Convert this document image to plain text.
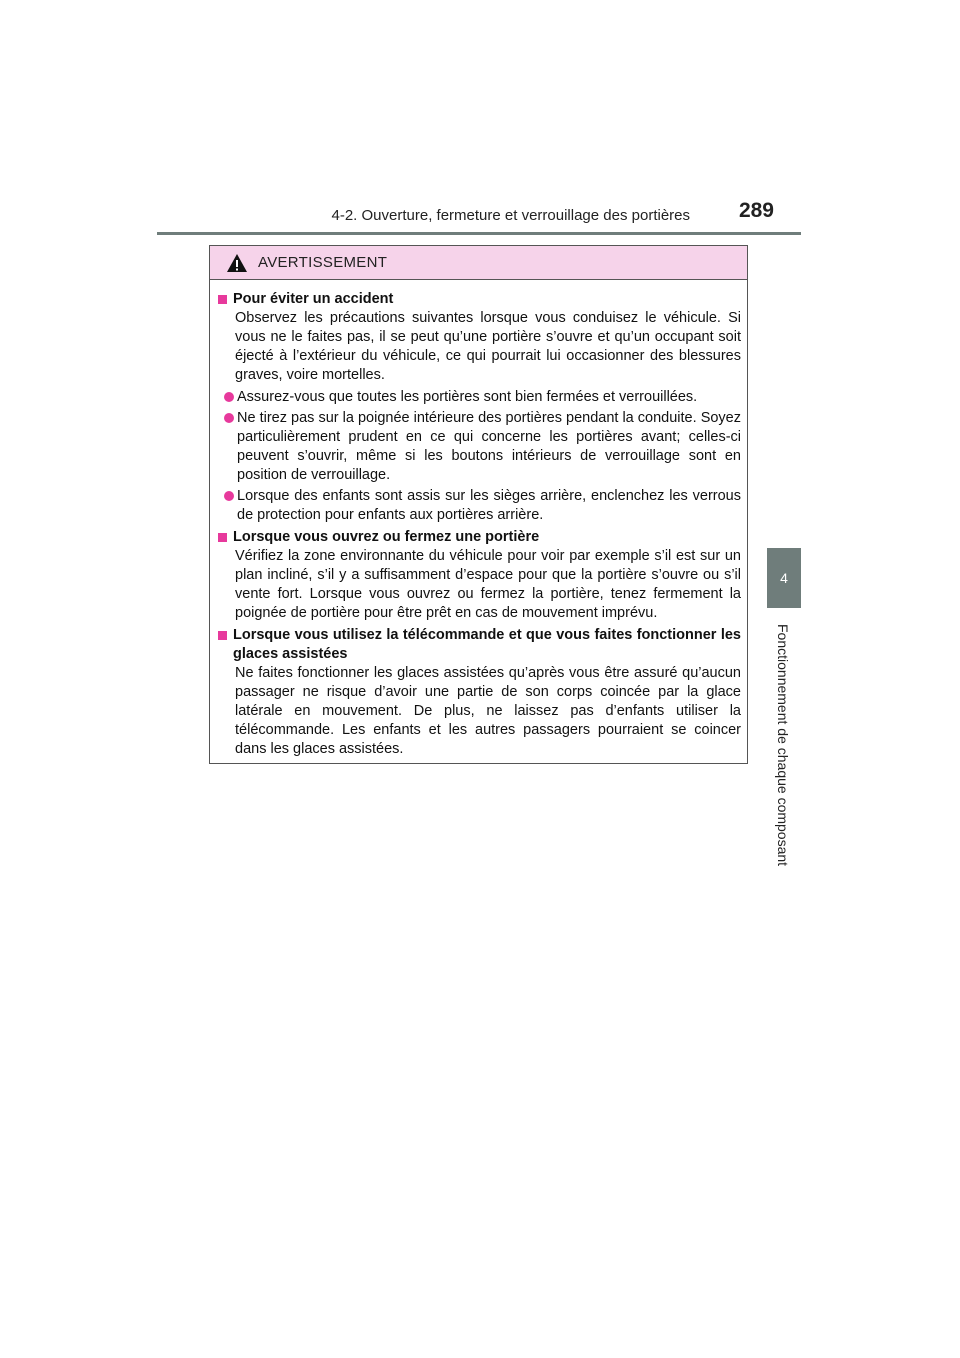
4-2. Ouverture, fermeture et verrouillage des portières	289
4
Fonctionnement de chaque composant
AVERTISSEMENT
Pour éviter un accident
Observez les précautions suivantes lorsque vous conduisez le véhicule. Si vous ne le faites pas, il se peut qu’une portière s’ouvre et qu’un occupant soit éjecté à l’extérieur du véhicule, ce qui pourrait lui occasionner des blessures graves, voire mortelles.
Assurez-vous que toutes les portières sont bien fermées et verrouillées.
Ne tirez pas sur la poignée intérieure des portières pendant la conduite. Soyez particulièrement prudent en ce qui concerne les portières avant; celles-ci peuvent s’ouvrir, même si les boutons intérieurs de verrouillage sont en position de verrouillage.
Lorsque des enfants sont assis sur les sièges arrière, enclenchez les verrous de protection pour enfants aux portières arrière.
Lorsque vous ouvrez ou fermez une portière
Vérifiez la zone environnante du véhicule pour voir par exemple s’il est sur un plan incliné, s’il y a suffisamment d’espace pour que la portière s’ouvre ou s’il vente fort. Lorsque vous ouvrez ou fermez la portière, tenez fermement la poignée de portière pour être prêt en cas de mouvement imprévu.
Lorsque vous utilisez la télécommande et que vous faites fonctionner les glaces assistées
Ne faites fonctionner les glaces assistées qu’après vous être assuré qu’aucun passager ne risque d’avoir une partie de son corps coincée par la glace latérale en mouvement. De plus, ne laissez pas d’enfants utiliser la télécommande. Les enfants et les autres passagers pourraient se coincer dans les glaces assistées.
